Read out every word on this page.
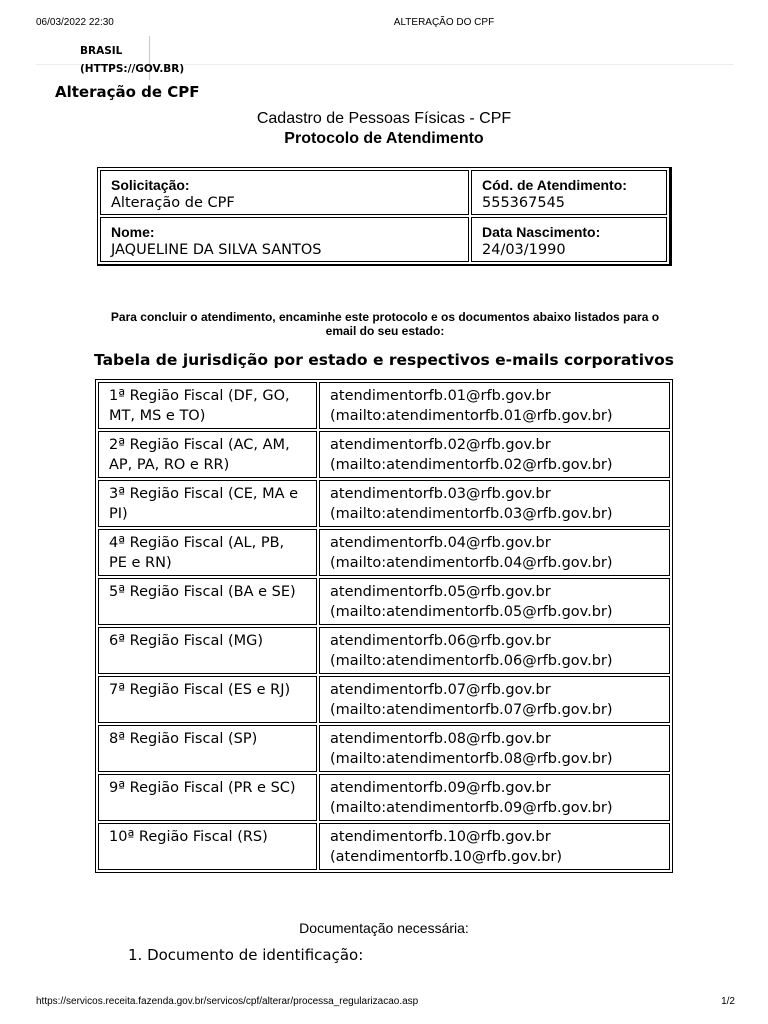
06/03/2022 22:30	ALTERAÇÃO DO CPF
BRASIL
(HTTPS://GOV.BR)
Alteração de CPF
Cadastro de Pessoas Físicas - CPF
Protocolo de Atendimento
Solicitação:
Alteração de CPF	Cód. de Atendimento:
555367545

Nome:
JAQUELINE DA SILVA SANTOS	Data Nascimento:
24/03/1990
Para concluir o atendimento, encaminhe este protocolo e os documentos abaixo listados para o email do seu estado:
Tabela de jurisdição por estado e respectivos e-mails corporativos
1ª Região Fiscal (DF, GO, MT, MS e TO)	atendimentorfb.01@rfb.gov.br
(mailto:atendimentorfb.01@rfb.gov.br)

2ª Região Fiscal (AC, AM, AP, PA, RO e RR)	atendimentorfb.02@rfb.gov.br
(mailto:atendimentorfb.02@rfb.gov.br)

3ª Região Fiscal (CE, MA e PI)	atendimentorfb.03@rfb.gov.br
(mailto:atendimentorfb.03@rfb.gov.br)

4ª Região Fiscal (AL, PB, PE e RN)	atendimentorfb.04@rfb.gov.br
(mailto:atendimentorfb.04@rfb.gov.br)

5ª Região Fiscal (BA e SE)	atendimentorfb.05@rfb.gov.br
(mailto:atendimentorfb.05@rfb.gov.br)

6ª Região Fiscal (MG)	atendimentorfb.06@rfb.gov.br
(mailto:atendimentorfb.06@rfb.gov.br)

7ª Região Fiscal (ES e RJ)	atendimentorfb.07@rfb.gov.br
(mailto:atendimentorfb.07@rfb.gov.br)

8ª Região Fiscal (SP)	atendimentorfb.08@rfb.gov.br
(mailto:atendimentorfb.08@rfb.gov.br)

9ª Região Fiscal (PR e SC)	atendimentorfb.09@rfb.gov.br
(mailto:atendimentorfb.09@rfb.gov.br)

10ª Região Fiscal (RS)	atendimentorfb.10@rfb.gov.br
(atendimentorfb.10@rfb.gov.br)
Documentação necessária:
1. Documento de identificação:
https://servicos.receita.fazenda.gov.br/servicos/cpf/alterar/processa_regularizacao.asp	1/2
